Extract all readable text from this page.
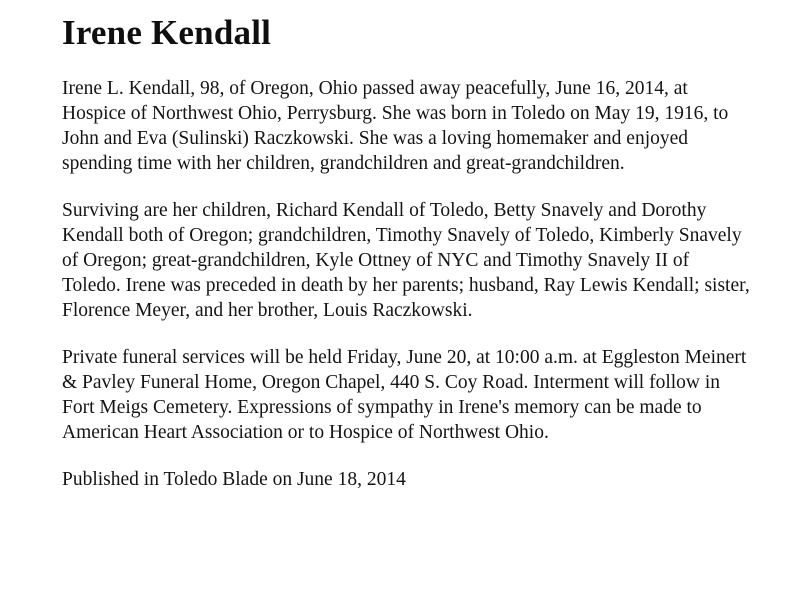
Irene Kendall

Irene L. Kendall, 98, of Oregon, Ohio passed away peacefully, June 16, 2014, at Hospice of Northwest Ohio, Perrysburg. She was born in Toledo on May 19, 1916, to John and Eva (Sulinski) Raczkowski. She was a loving homemaker and enjoyed spending time with her children, grandchildren and great-grandchildren.

Surviving are her children, Richard Kendall of Toledo, Betty Snavely and Dorothy Kendall both of Oregon; grandchildren, Timothy Snavely of Toledo, Kimberly Snavely of Oregon; great-grandchildren, Kyle Ottney of NYC and Timothy Snavely II of Toledo. Irene was preceded in death by her parents; husband, Ray Lewis Kendall; sister, Florence Meyer, and her brother, Louis Raczkowski.

Private funeral services will be held Friday, June 20, at 10:00 a.m. at Eggleston Meinert & Pavley Funeral Home, Oregon Chapel, 440 S. Coy Road. Interment will follow in Fort Meigs Cemetery. Expressions of sympathy in Irene's memory can be made to American Heart Association or to Hospice of Northwest Ohio.

Published in Toledo Blade on June 18, 2014
